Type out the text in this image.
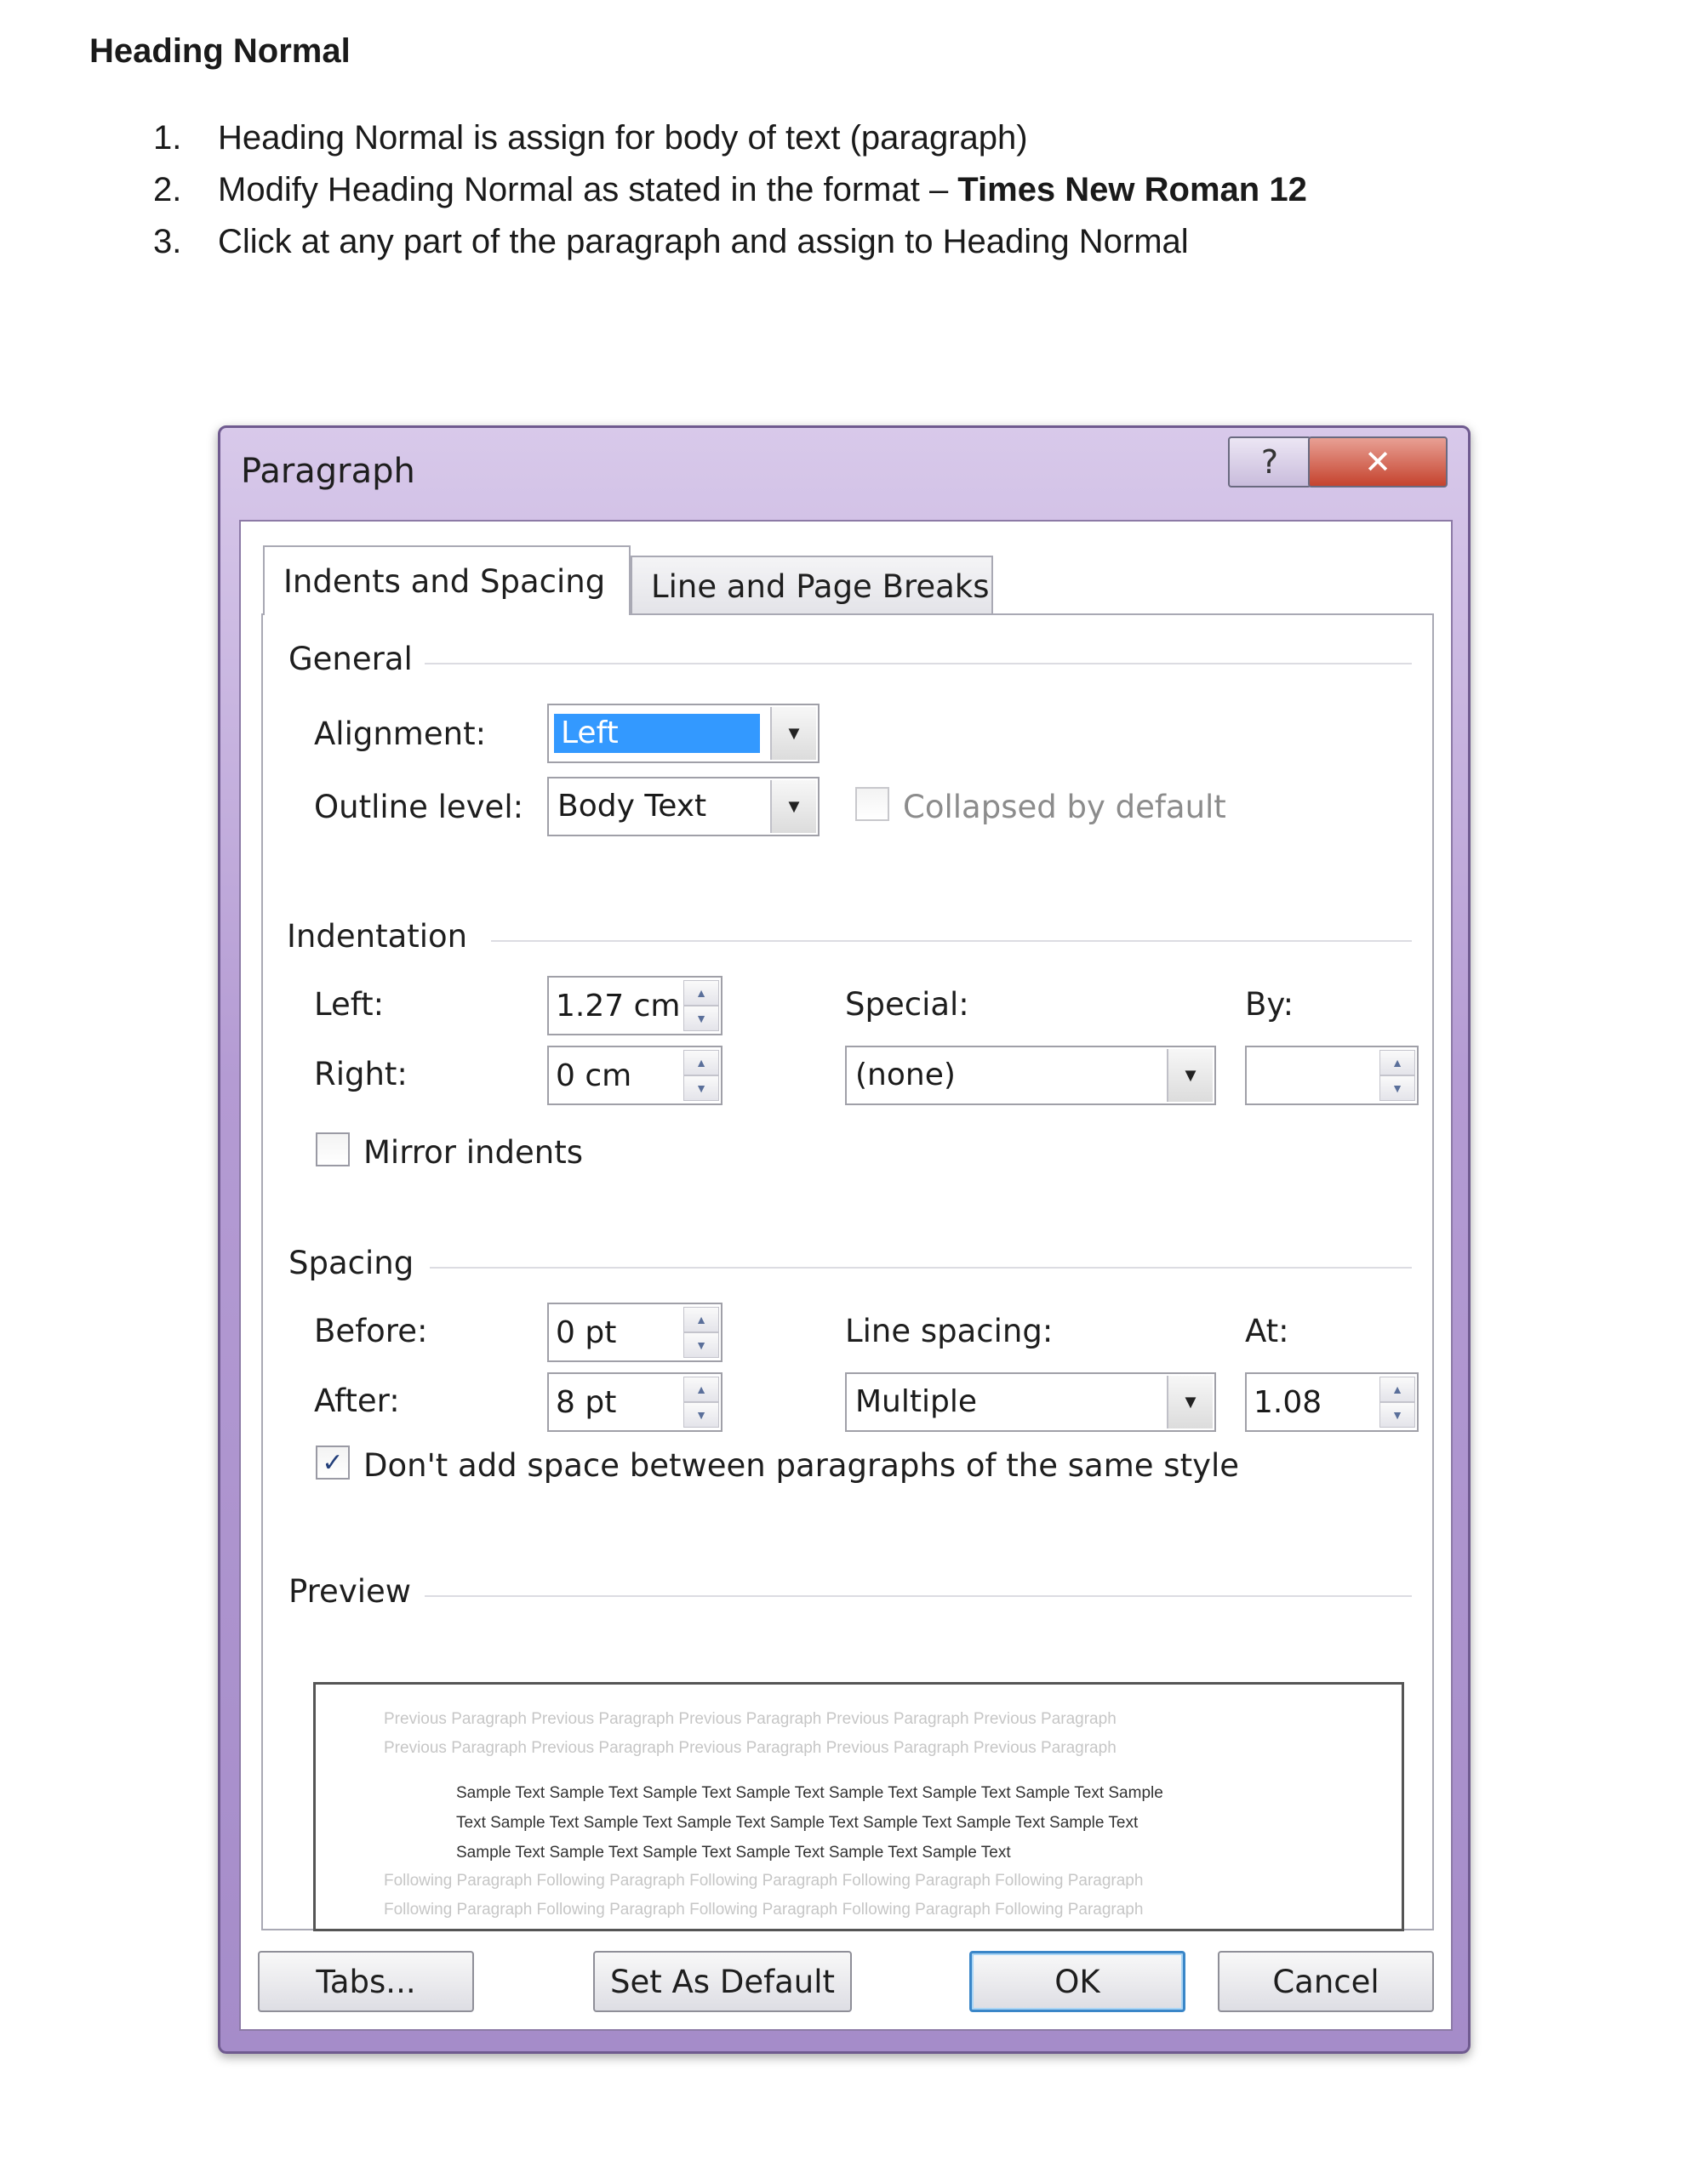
Heading Normal
1.	Heading Normal is assign for body of text (paragraph)
2.	Modify Heading Normal as stated in the format – Times New Roman 12
3.	Click at any part of the paragraph and assign to Heading Normal
Paragraph	?	✕
Indents and Spacing	Line and Page Breaks
General
Alignment: Left	▼
Outline level: Body Text	▼	Collapsed by default
Indentation
Left:	1.27 cm	▲
▼
Right:	0 cm	▲
▼
Special:
(none)	▼
By:
▲
▼
Mirror indents
Spacing
Before:	0 pt	▲
▼
After:	8 pt	▲
▼
Line spacing:
Multiple	▼
At:
1.08	▲
▼
✓ Don't add space between paragraphs of the same style
Preview
Previous Paragraph Previous Paragraph Previous Paragraph Previous Paragraph Previous Paragraph
Previous Paragraph Previous Paragraph Previous Paragraph Previous Paragraph Previous Paragraph
Sample Text Sample Text Sample Text Sample Text Sample Text Sample Text Sample Text Sample
Text Sample Text Sample Text Sample Text Sample Text Sample Text Sample Text Sample Text
Sample Text Sample Text Sample Text Sample Text Sample Text Sample Text
Following Paragraph Following Paragraph Following Paragraph Following Paragraph Following Paragraph
Following Paragraph Following Paragraph Following Paragraph Following Paragraph Following Paragraph
Tabs...	Set As Default	OK	Cancel
